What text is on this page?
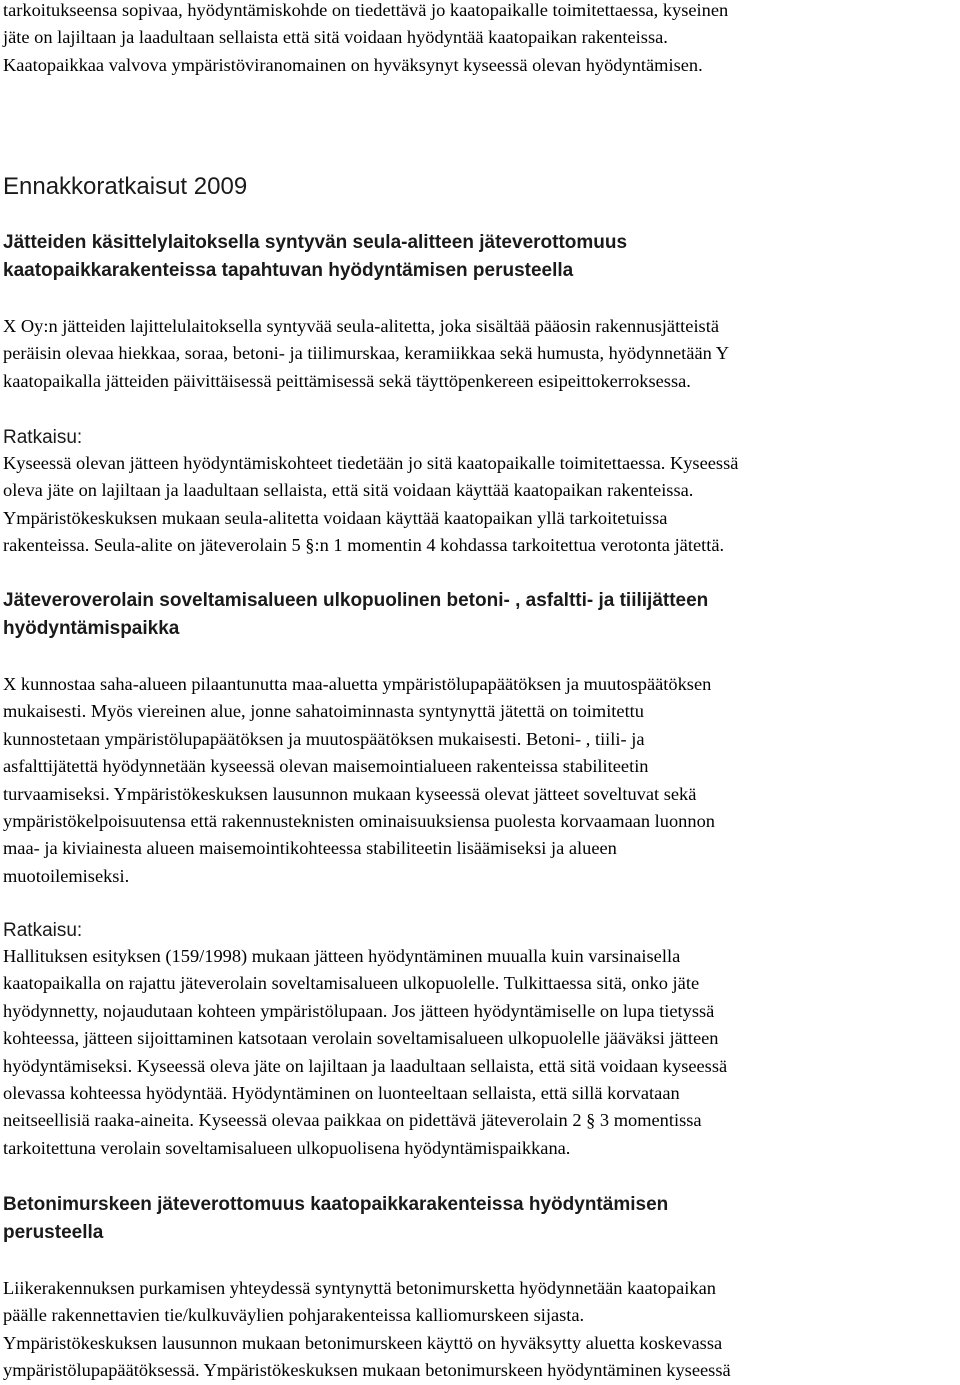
tarkoitukseensa sopivaa, hyödyntämiskohde on tiedettävä jo kaatopaikalle toimitettaessa, kyseinen
jäte on lajiltaan ja laadultaan sellaista että sitä voidaan hyödyntää kaatopaikan rakenteissa.
Kaatopaikkaa valvova ympäristöviranomainen on hyväksynyt kyseessä olevan hyödyntämisen.
Ennakkoratkaisut 2009
Jätteiden käsittelylaitoksella syntyvän seula-alitteen jäteverottomuus
kaatopaikkarakenteissa tapahtuvan hyödyntämisen perusteella
X Oy:n jätteiden lajittelulaitoksella syntyvää seula-alitetta, joka sisältää pääosin rakennusjätteistä
peräisin olevaa hiekkaa, soraa, betoni- ja tiilimurskaa, keramiikkaa sekä humusta, hyödynnetään Y
kaatopaikalla jätteiden päivittäisessä peittämisessä sekä täyttöpenkereen esipeittokerroksessa.
Ratkaisu:
Kyseessä olevan jätteen hyödyntämiskohteet tiedetään jo sitä kaatopaikalle toimitettaessa. Kyseessä
oleva jäte on lajiltaan ja laadultaan sellaista, että sitä voidaan käyttää kaatopaikan rakenteissa.
Ympäristökeskuksen mukaan seula-alitetta voidaan käyttää kaatopaikan yllä tarkoitetuissa
rakenteissa. Seula-alite on jäteverolain 5 §:n 1 momentin 4 kohdassa tarkoitettua verotonta jätettä.
Jäteveroverolain soveltamisalueen ulkopuolinen betoni- , asfaltti- ja tiilijätteen
hyödyntämispaikka
X kunnostaa saha-alueen pilaantunutta maa-aluetta ympäristölupapäätöksen ja muutospäätöksen
mukaisesti. Myös viereinen alue, jonne sahatoiminnasta syntynyttä jätettä on toimitettu
kunnostetaan ympäristölupapäätöksen ja muutospäätöksen mukaisesti. Betoni- , tiili- ja
asfalttijätettä hyödynnetään kyseessä olevan maisemointialueen rakenteissa stabiliteetin
turvaamiseksi. Ympäristökeskuksen lausunnon mukaan kyseessä olevat jätteet soveltuvat sekä
ympäristökelpoisuutensa että rakennusteknisten ominaisuuksiensa puolesta korvaamaan luonnon
maa- ja kiviainesta alueen maisemointikohteessa stabiliteetin lisäämiseksi ja alueen
muotoilemiseksi.
Ratkaisu:
Hallituksen esityksen (159/1998) mukaan jätteen hyödyntäminen muualla kuin varsinaisella
kaatopaikalla on rajattu jäteverolain soveltamisalueen ulkopuolelle. Tulkittaessa sitä, onko jäte
hyödynnetty, nojaudutaan kohteen ympäristölupaan. Jos jätteen hyödyntämiselle on lupa tietyssä
kohteessa, jätteen sijoittaminen katsotaan verolain soveltamisalueen ulkopuolelle jääväksi jätteen
hyödyntämiseksi. Kyseessä oleva jäte on lajiltaan ja laadultaan sellaista, että sitä voidaan kyseessä
olevassa kohteessa hyödyntää. Hyödyntäminen on luonteeltaan sellaista, että sillä korvataan
neitseellisiä raaka-aineita. Kyseessä olevaa paikkaa on pidettävä jäteverolain 2 § 3 momentissa
tarkoitettuna verolain soveltamisalueen ulkopuolisena hyödyntämispaikkana.
Betonimurskeen jäteverottomuus kaatopaikkarakenteissa hyödyntämisen
perusteella
Liikerakennuksen purkamisen yhteydessä syntynyttä betonimursketta hyödynnetään kaatopaikan
päälle rakennettavien tie/kulkuväylien pohjarakenteissa kalliomurskeen sijasta.
Ympäristökeskuksen lausunnon mukaan betonimurskeen käyttö on hyväksytty aluetta koskevassa
ympäristölupapäätöksessä. Ympäristökeskuksen mukaan betonimurskeen hyödyntäminen kyseessä
